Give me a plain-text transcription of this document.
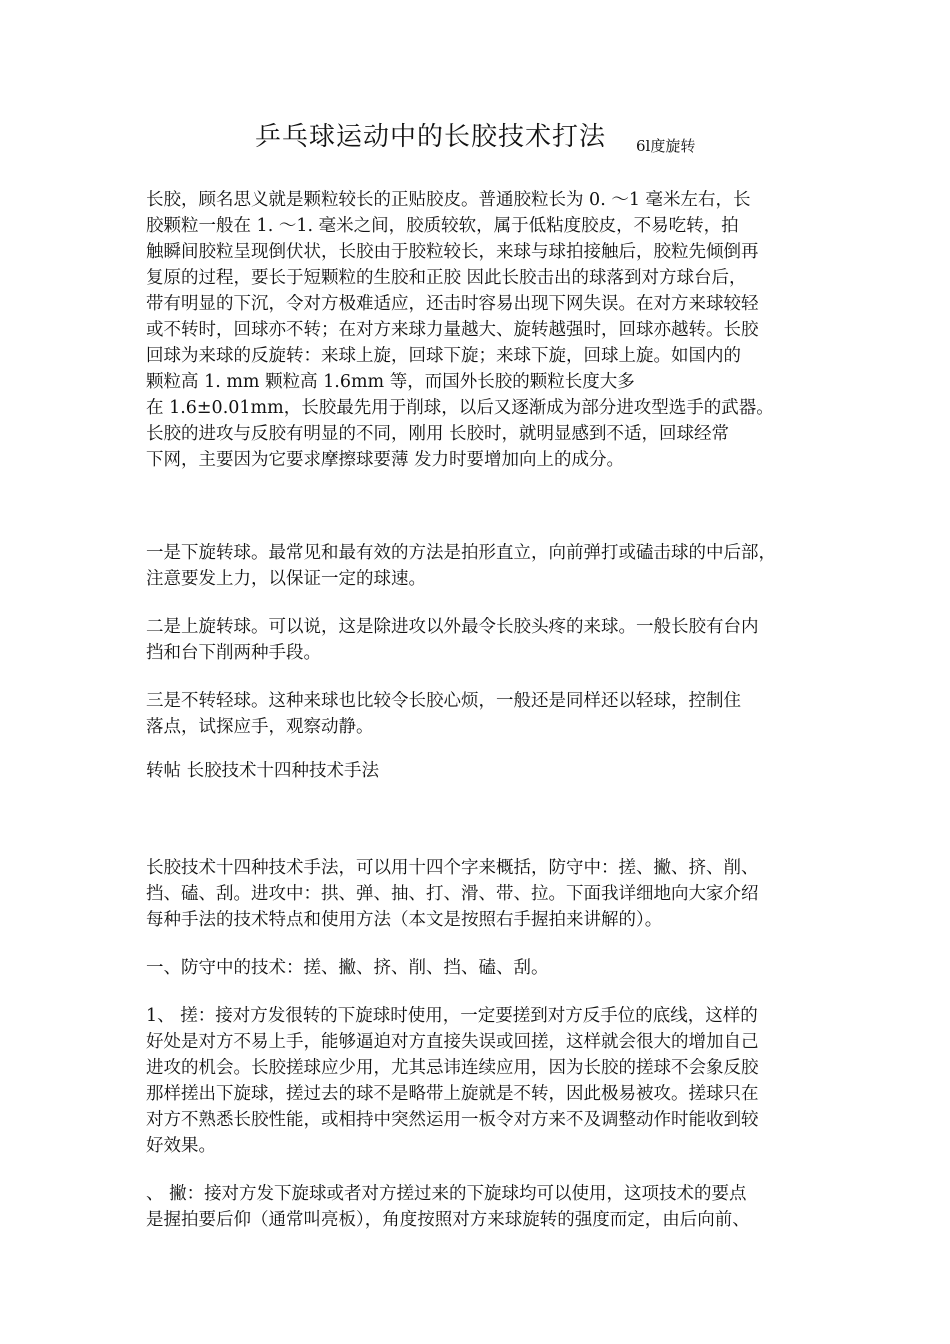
乒乓球运动中的长胶技术打法 6l度旋转
长胶，顾名思义就是颗粒较长的正贴胶皮。普通胶粒长为 0. ～1 毫米左右，长
胶颗粒一般在 1. ～1. 毫米之间，胶质较软，属于低粘度胶皮，不易吃转，拍
触瞬间胶粒呈现倒伏状，长胶由于胶粒较长，来球与球拍接触后，胶粒先倾倒再
复原的过程，要长于短颗粒的生胶和正胶 因此长胶击出的球落到对方球台后，
带有明显的下沉，令对方极难适应，还击时容易出现下网失误。在对方来球较轻
或不转时，回球亦不转；在对方来球力量越大、旋转越强时，回球亦越转。长胶
回球为来球的反旋转：来球上旋，回球下旋；来球下旋，回球上旋。如国内的
颗粒高 1. mm 颗粒高 1.6mm 等，而国外长胶的颗粒长度大多
在 1.6±0.01mm，长胶最先用于削球，以后又逐渐成为部分进攻型选手的武器。
长胶的进攻与反胶有明显的不同，刚用 长胶时，就明显感到不适，回球经常
下网，主要因为它要求摩擦球要薄 发力时要增加向上的成分。
一是下旋转球。最常见和最有效的方法是拍形直立，向前弹打或磕击球的中后部，
注意要发上力，以保证一定的球速。
二是上旋转球。可以说，这是除进攻以外最令长胶头疼的来球。一般长胶有台内
挡和台下削两种手段。
三是不转轻球。这种来球也比较令长胶心烦，一般还是同样还以轻球，控制住
落点，试探应手，观察动静。
转帖 长胶技术十四种技术手法
长胶技术十四种技术手法，可以用十四个字来概括，防守中：搓、撇、挤、削、
挡、磕、刮。进攻中：拱、弹、抽、打、滑、带、拉。下面我详细地向大家介绍
每种手法的技术特点和使用方法（本文是按照右手握拍来讲解的）。
一、防守中的技术：搓、撇、挤、削、挡、磕、刮。
1、 搓：接对方发很转的下旋球时使用，一定要搓到对方反手位的底线，这样的
好处是对方不易上手，能够逼迫对方直接失误或回搓，这样就会很大的增加自己
进攻的机会。长胶搓球应少用，尤其忌讳连续应用，因为长胶的搓球不会象反胶
那样搓出下旋球，搓过去的球不是略带上旋就是不转，因此极易被攻。搓球只在
对方不熟悉长胶性能，或相持中突然运用一板令对方来不及调整动作时能收到较
好效果。
、 撇：接对方发下旋球或者对方搓过来的下旋球均可以使用，这项技术的要点
是握拍要后仰（通常叫亮板），角度按照对方来球旋转的强度而定，由后向前、
